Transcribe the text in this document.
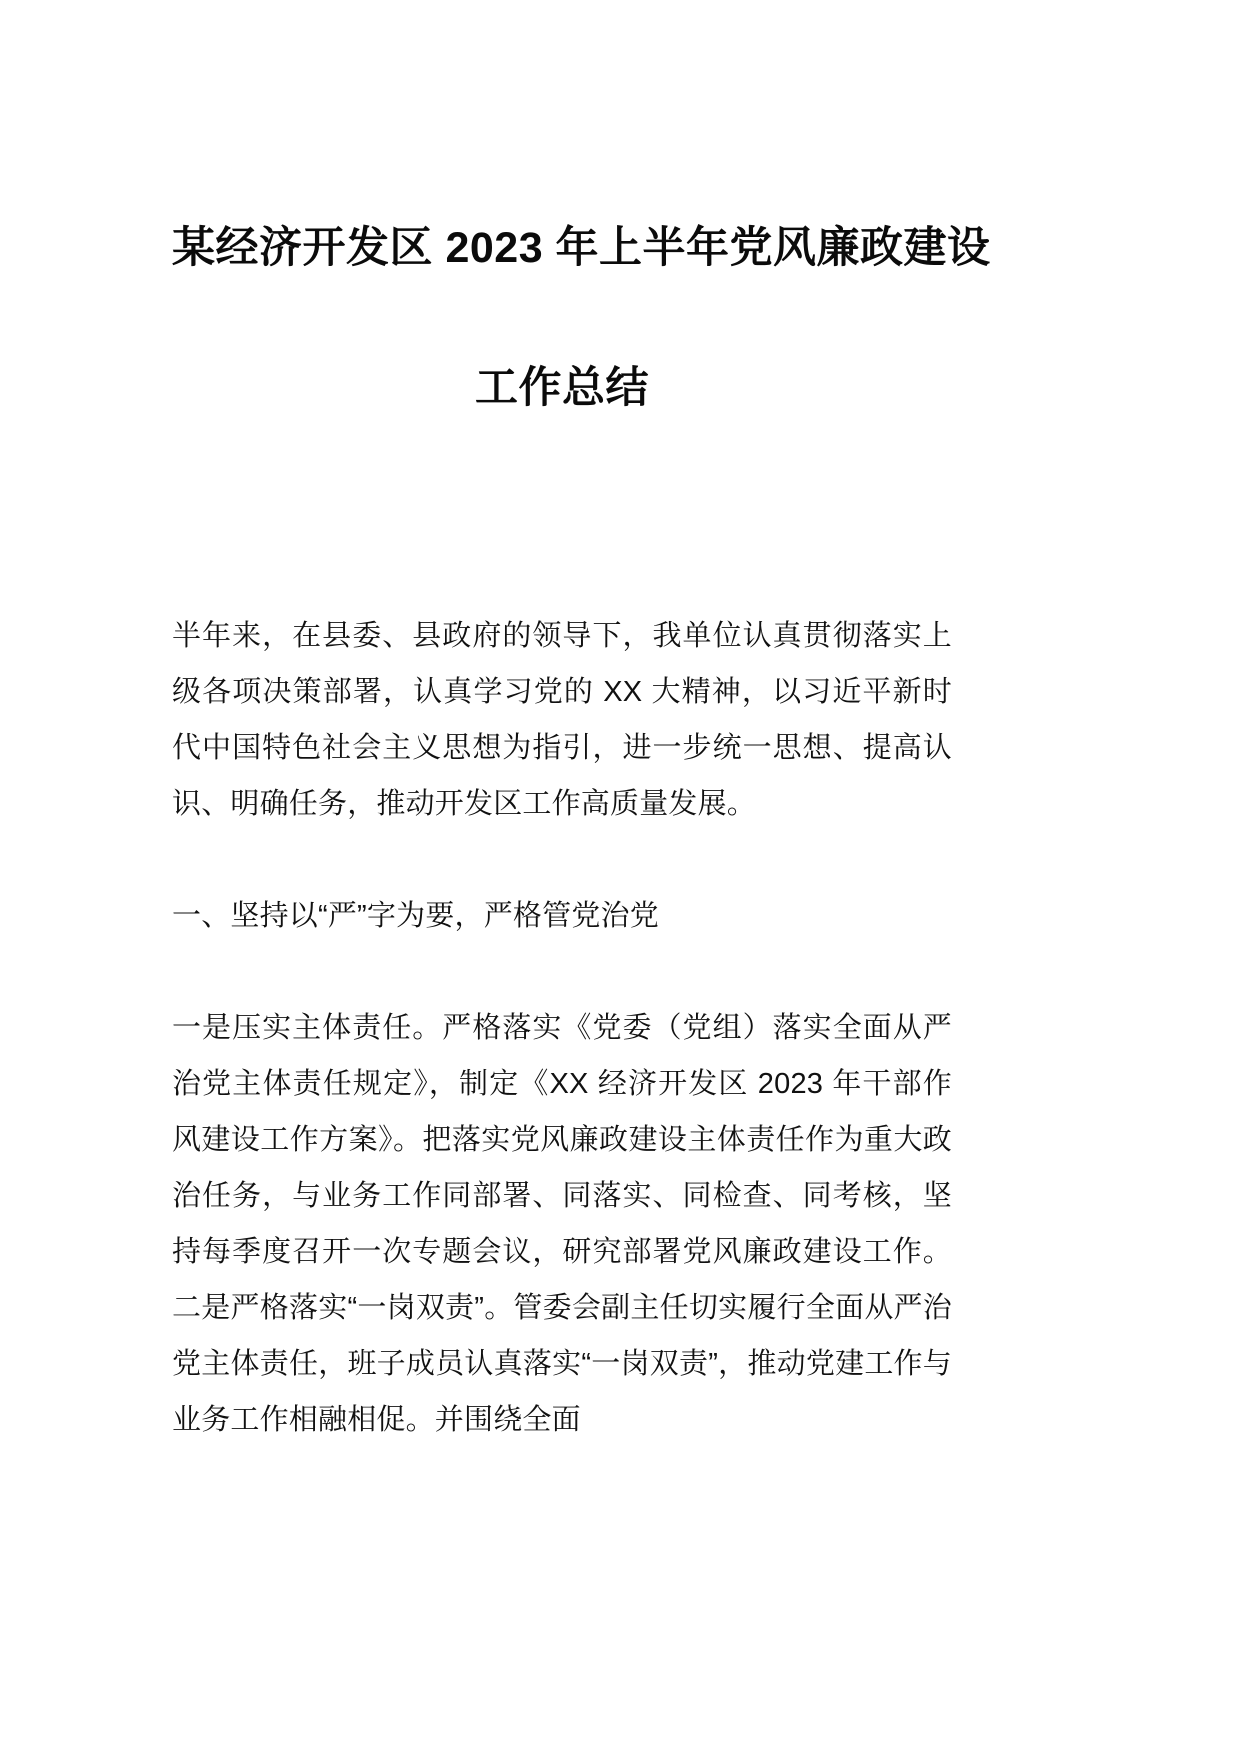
某经济开发区 2023 年上半年党风廉政建设
工作总结

半年来，在县委、县政府的领导下，我单位认真贯彻落实上级各项决策部署，认真学习党的 XX 大精神，以习近平新时代中国特色社会主义思想为指引，进一步统一思想、提高认识、明确任务，推动开发区工作高质量发展。

一、坚持以“严”字为要，严格管党治党

一是压实主体责任。严格落实《党委（党组）落实全面从严治党主体责任规定》，制定《XX 经济开发区 2023 年干部作风建设工作方案》。把落实党风廉政建设主体责任作为重大政治任务，与业务工作同部署、同落实、同检查、同考核，坚持每季度召开一次专题会议，研究部署党风廉政建设工作。二是严格落实“一岗双责”。管委会副主任切实履行全面从严治党主体责任，班子成员认真落实“一岗双责”，推动党建工作与业务工作相融相促。并围绕全面
